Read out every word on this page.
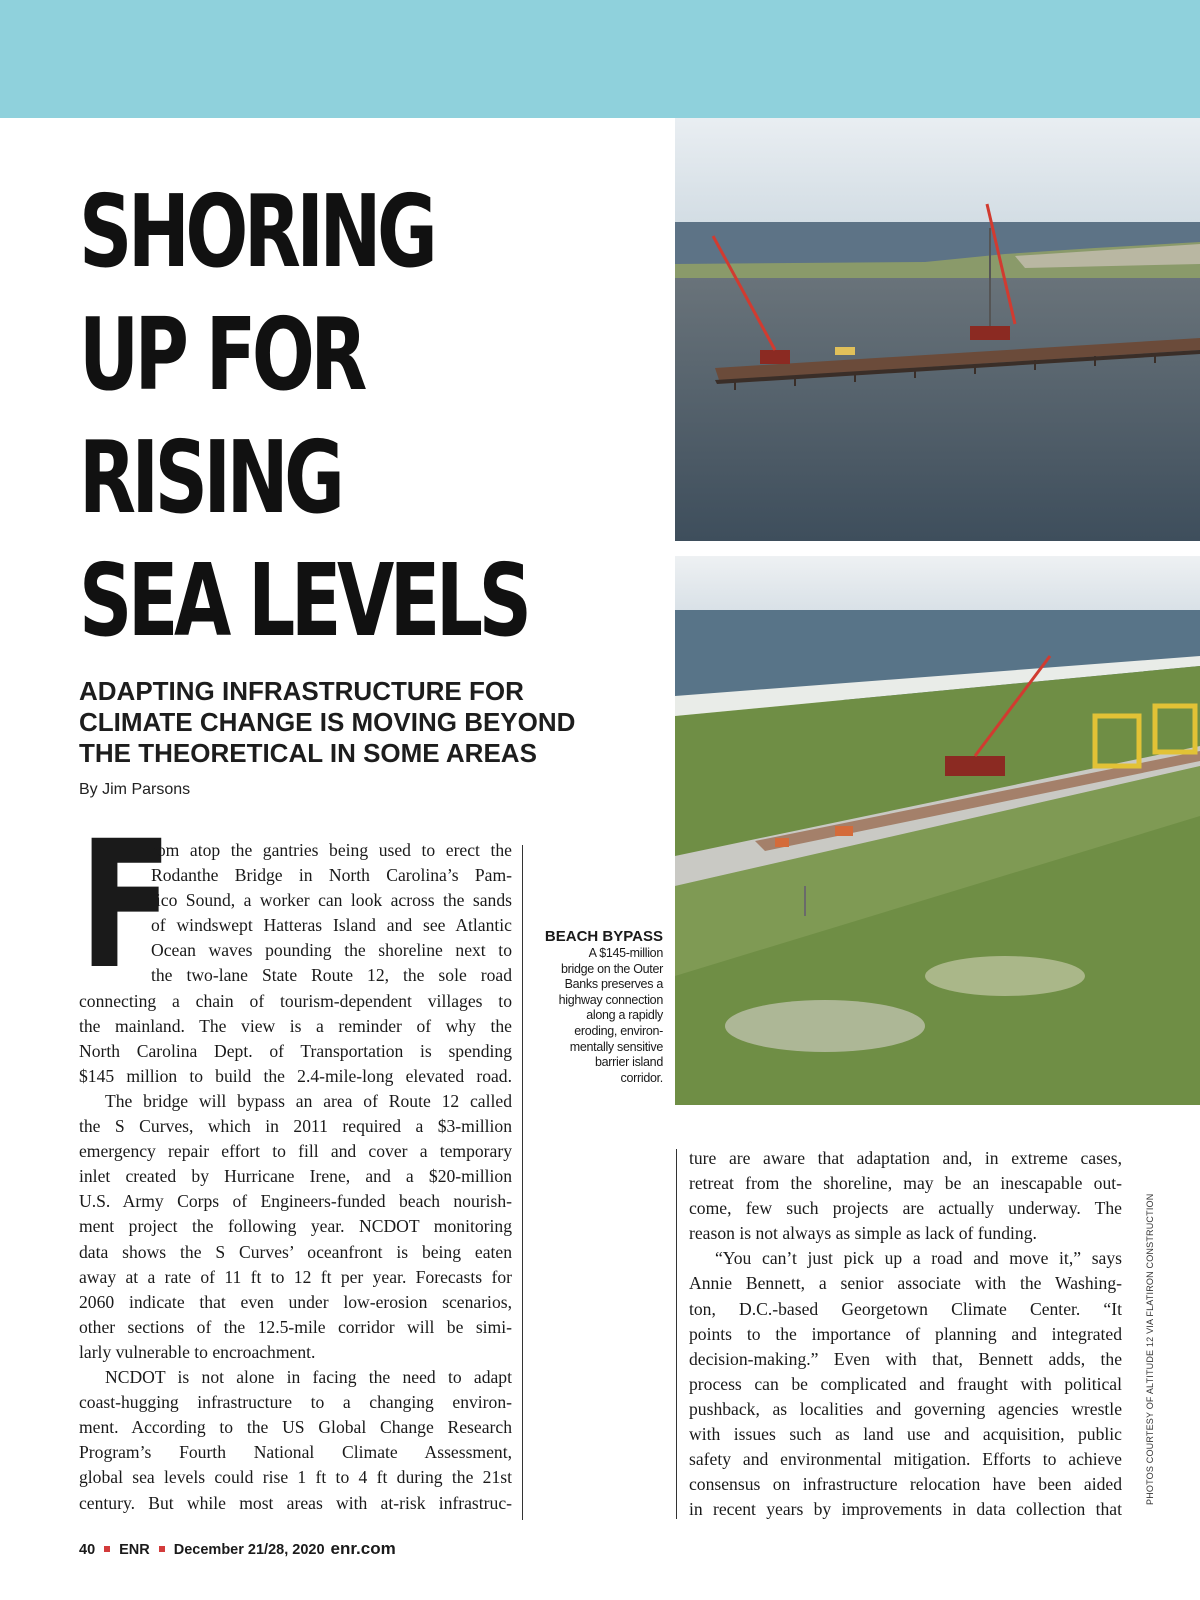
SHORING
UP FOR
RISING
SEA LEVELS
ADAPTING INFRASTRUCTURE FOR
CLIMATE CHANGE IS MOVING BEYOND
THE THEORETICAL IN SOME AREAS
By Jim Parsons
F
rom atop the gantries being used to erect the
Rodanthe Bridge in North Carolina’s Pam-
lico Sound, a worker can look across the sands
of windswept Hatteras Island and see Atlantic
Ocean waves pounding the shoreline next to
the two-lane State Route 12, the sole road
connecting a chain of tourism-dependent villages to
the mainland. The view is a reminder of why the
North Carolina Dept. of Transportation is spending
$145 million to build the 2.4-mile-long elevated road.
The bridge will bypass an area of Route 12 called
the S Curves, which in 2011 required a $3-million
emergency repair effort to fill and cover a temporary
inlet created by Hurricane Irene, and a $20-million
U.S. Army Corps of Engineers-funded beach nourish-
ment project the following year. NCDOT monitoring
data shows the S Curves’ oceanfront is being eaten
away at a rate of 11 ft to 12 ft per year. Forecasts for
2060 indicate that even under low-erosion scenarios,
other sections of the 12.5-mile corridor will be simi-
larly vulnerable to encroachment.
NCDOT is not alone in facing the need to adapt
coast-hugging infrastructure to a changing environ-
ment. According to the US Global Change Research
Program’s Fourth National Climate Assessment,
global sea levels could rise 1 ft to 4 ft during the 21st
century. But while most areas with at-risk infrastruc-
BEACH BYPASS
A $145-million
bridge on the Outer
Banks preserves a
highway connection
along a rapidly
eroding, environ-
mentally sensitive
barrier island
corridor.
ture are aware that adaptation and, in extreme cases,
retreat from the shoreline, may be an inescapable out-
come, few such projects are actually underway. The
reason is not always as simple as lack of funding.
“You can’t just pick up a road and move it,” says
Annie Bennett, a senior associate with the Washing-
ton, D.C.-based Georgetown Climate Center. “It
points to the importance of planning and integrated
decision-making.” Even with that, Bennett adds, the
process can be complicated and fraught with political
pushback, as localities and governing agencies wrestle
with issues such as land use and acquisition, public
safety and environmental mitigation. Efforts to achieve
consensus on infrastructure relocation have been aided
in recent years by improvements in data collection that
PHOTOS COURTESY OF ALTITUDE 12 VIA FLATIRON CONSTRUCTION
40 ENR December 21/28, 2020 enr.com
